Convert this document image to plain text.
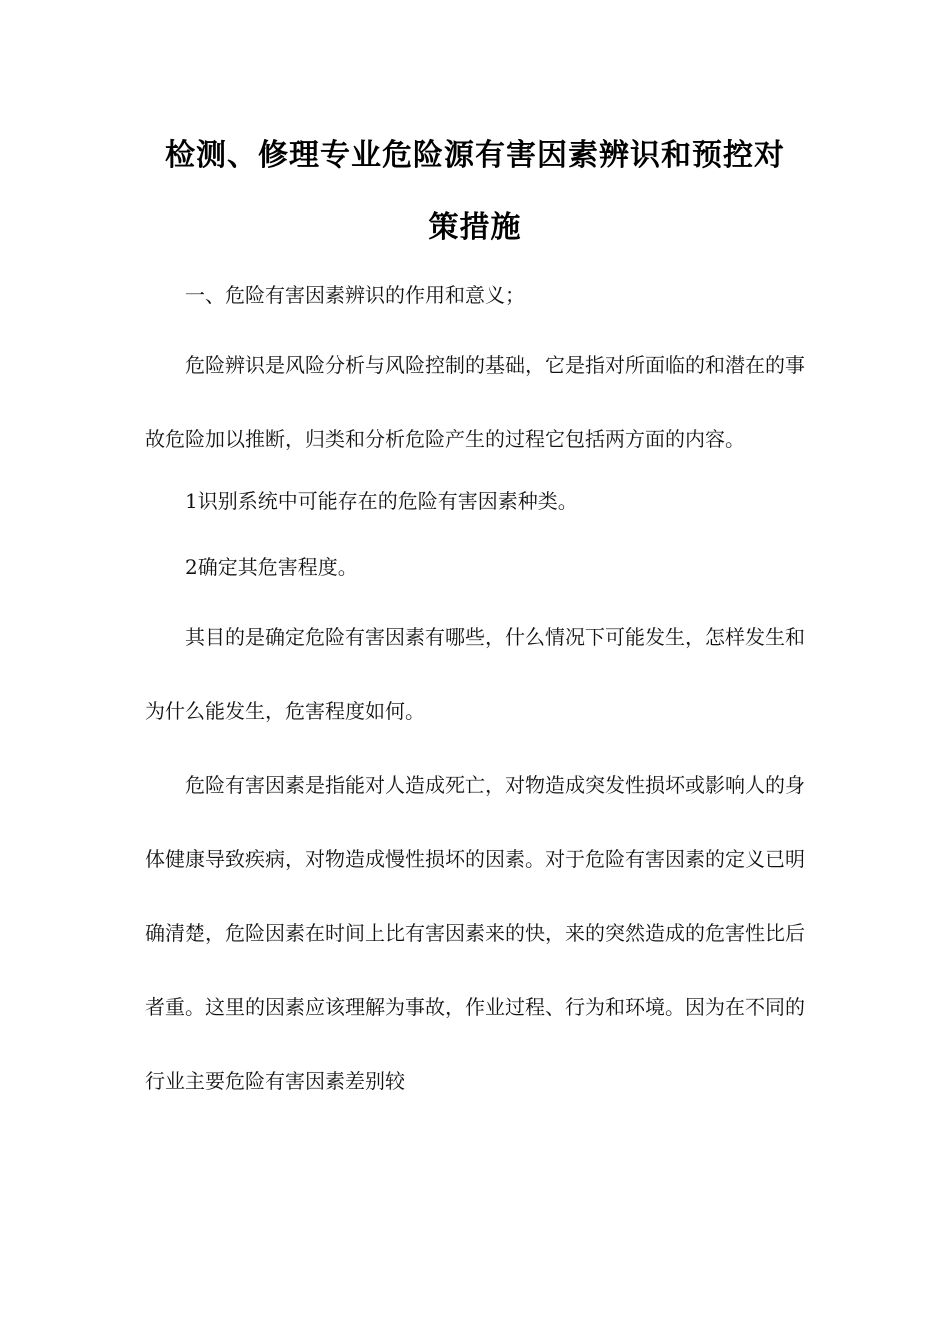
检测、修理专业危险源有害因素辨识和预控对
策措施

一、危险有害因素辨识的作用和意义；

危险辨识是风险分析与风险控制的基础，它是指对所面临的和潜在的事故危险加以推断，归类和分析危险产生的过程它包括两方面的内容。

1识别系统中可能存在的危险有害因素种类。

2确定其危害程度。

其目的是确定危险有害因素有哪些，什么情况下可能发生，怎样发生和为什么能发生，危害程度如何。

危险有害因素是指能对人造成死亡，对物造成突发性损坏或影响人的身体健康导致疾病，对物造成慢性损坏的因素。对于危险有害因素的定义已明确清楚，危险因素在时间上比有害因素来的快，来的突然造成的危害性比后者重。这里的因素应该理解为事故，作业过程、行为和环境。因为在不同的行业主要危险有害因素差别较
